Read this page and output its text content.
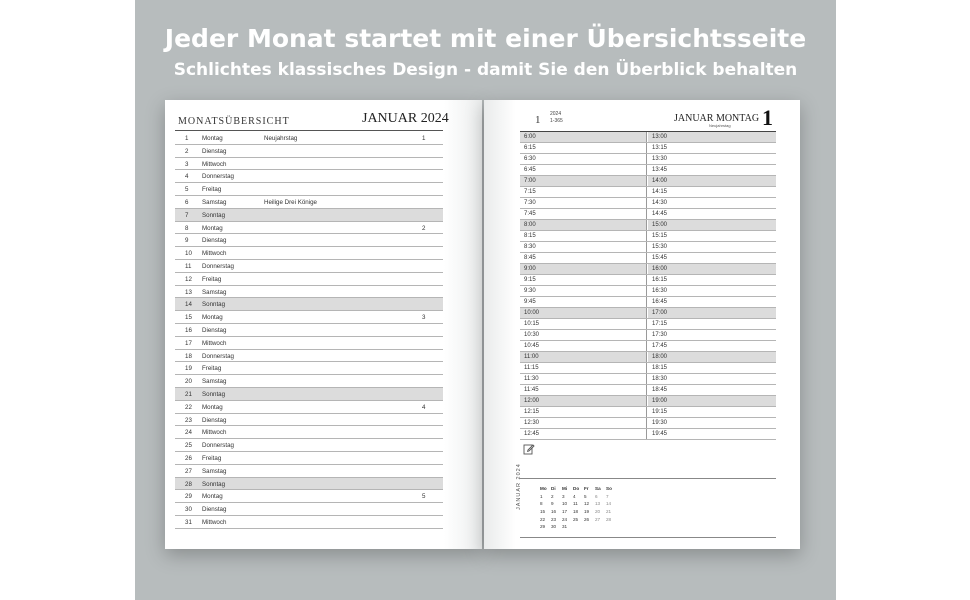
Jeder Monat startet mit einer Übersichtsseite
Schlichtes klassisches Design - damit Sie den Überblick behalten
MONATSÜBERSICHT	JANUAR 2024
1 Montag	Neujahrstag	1
2 Dienstag
3 Mittwoch
4 Donnerstag
5 Freitag
6 Samstag	Heilige Drei Könige
7 Sonntag
8 Montag	2
9 Dienstag
10 Mittwoch
11 Donnerstag
12 Freitag
13 Samstag
14 Sonntag
15 Montag	3
16 Dienstag
17 Mittwoch
18 Donnerstag
19 Freitag
20 Samstag
21 Sonntag
22 Montag	4
23 Dienstag
24 Mittwoch
25 Donnerstag
26 Freitag
27 Samstag
28 Sonntag
29 Montag	5
30 Dienstag
31 Mittwoch
1 2024
1-365	JANUAR MONTAG
Neujahrstag 1
6:00	13:00
6:15	13:15
6:30	13:30
6:45	13:45
7:00	14:00
7:15	14:15
7:30	14:30
7:45	14:45
8:00	15:00
8:15	15:15
8:30	15:30
8:45	15:45
9:00	16:00
9:15	16:15
9:30	16:30
9:45	16:45
10:00	17:00
10:15	17:15
10:30	17:30
10:45	17:45
11:00	18:00
11:15	18:15
11:30	18:30
11:45	18:45
12:00	19:00
12:15	19:15
12:30	19:30
12:45	19:45
JANUAR 2024	Mo	Di	Mi	Do	Fr	Sa	So
1	2	3	4	5	6	7
8	9	10	11	12	13	14
15	16	17	18	19	20	21
22	23	24	25	26	27	28
29	30	31				
